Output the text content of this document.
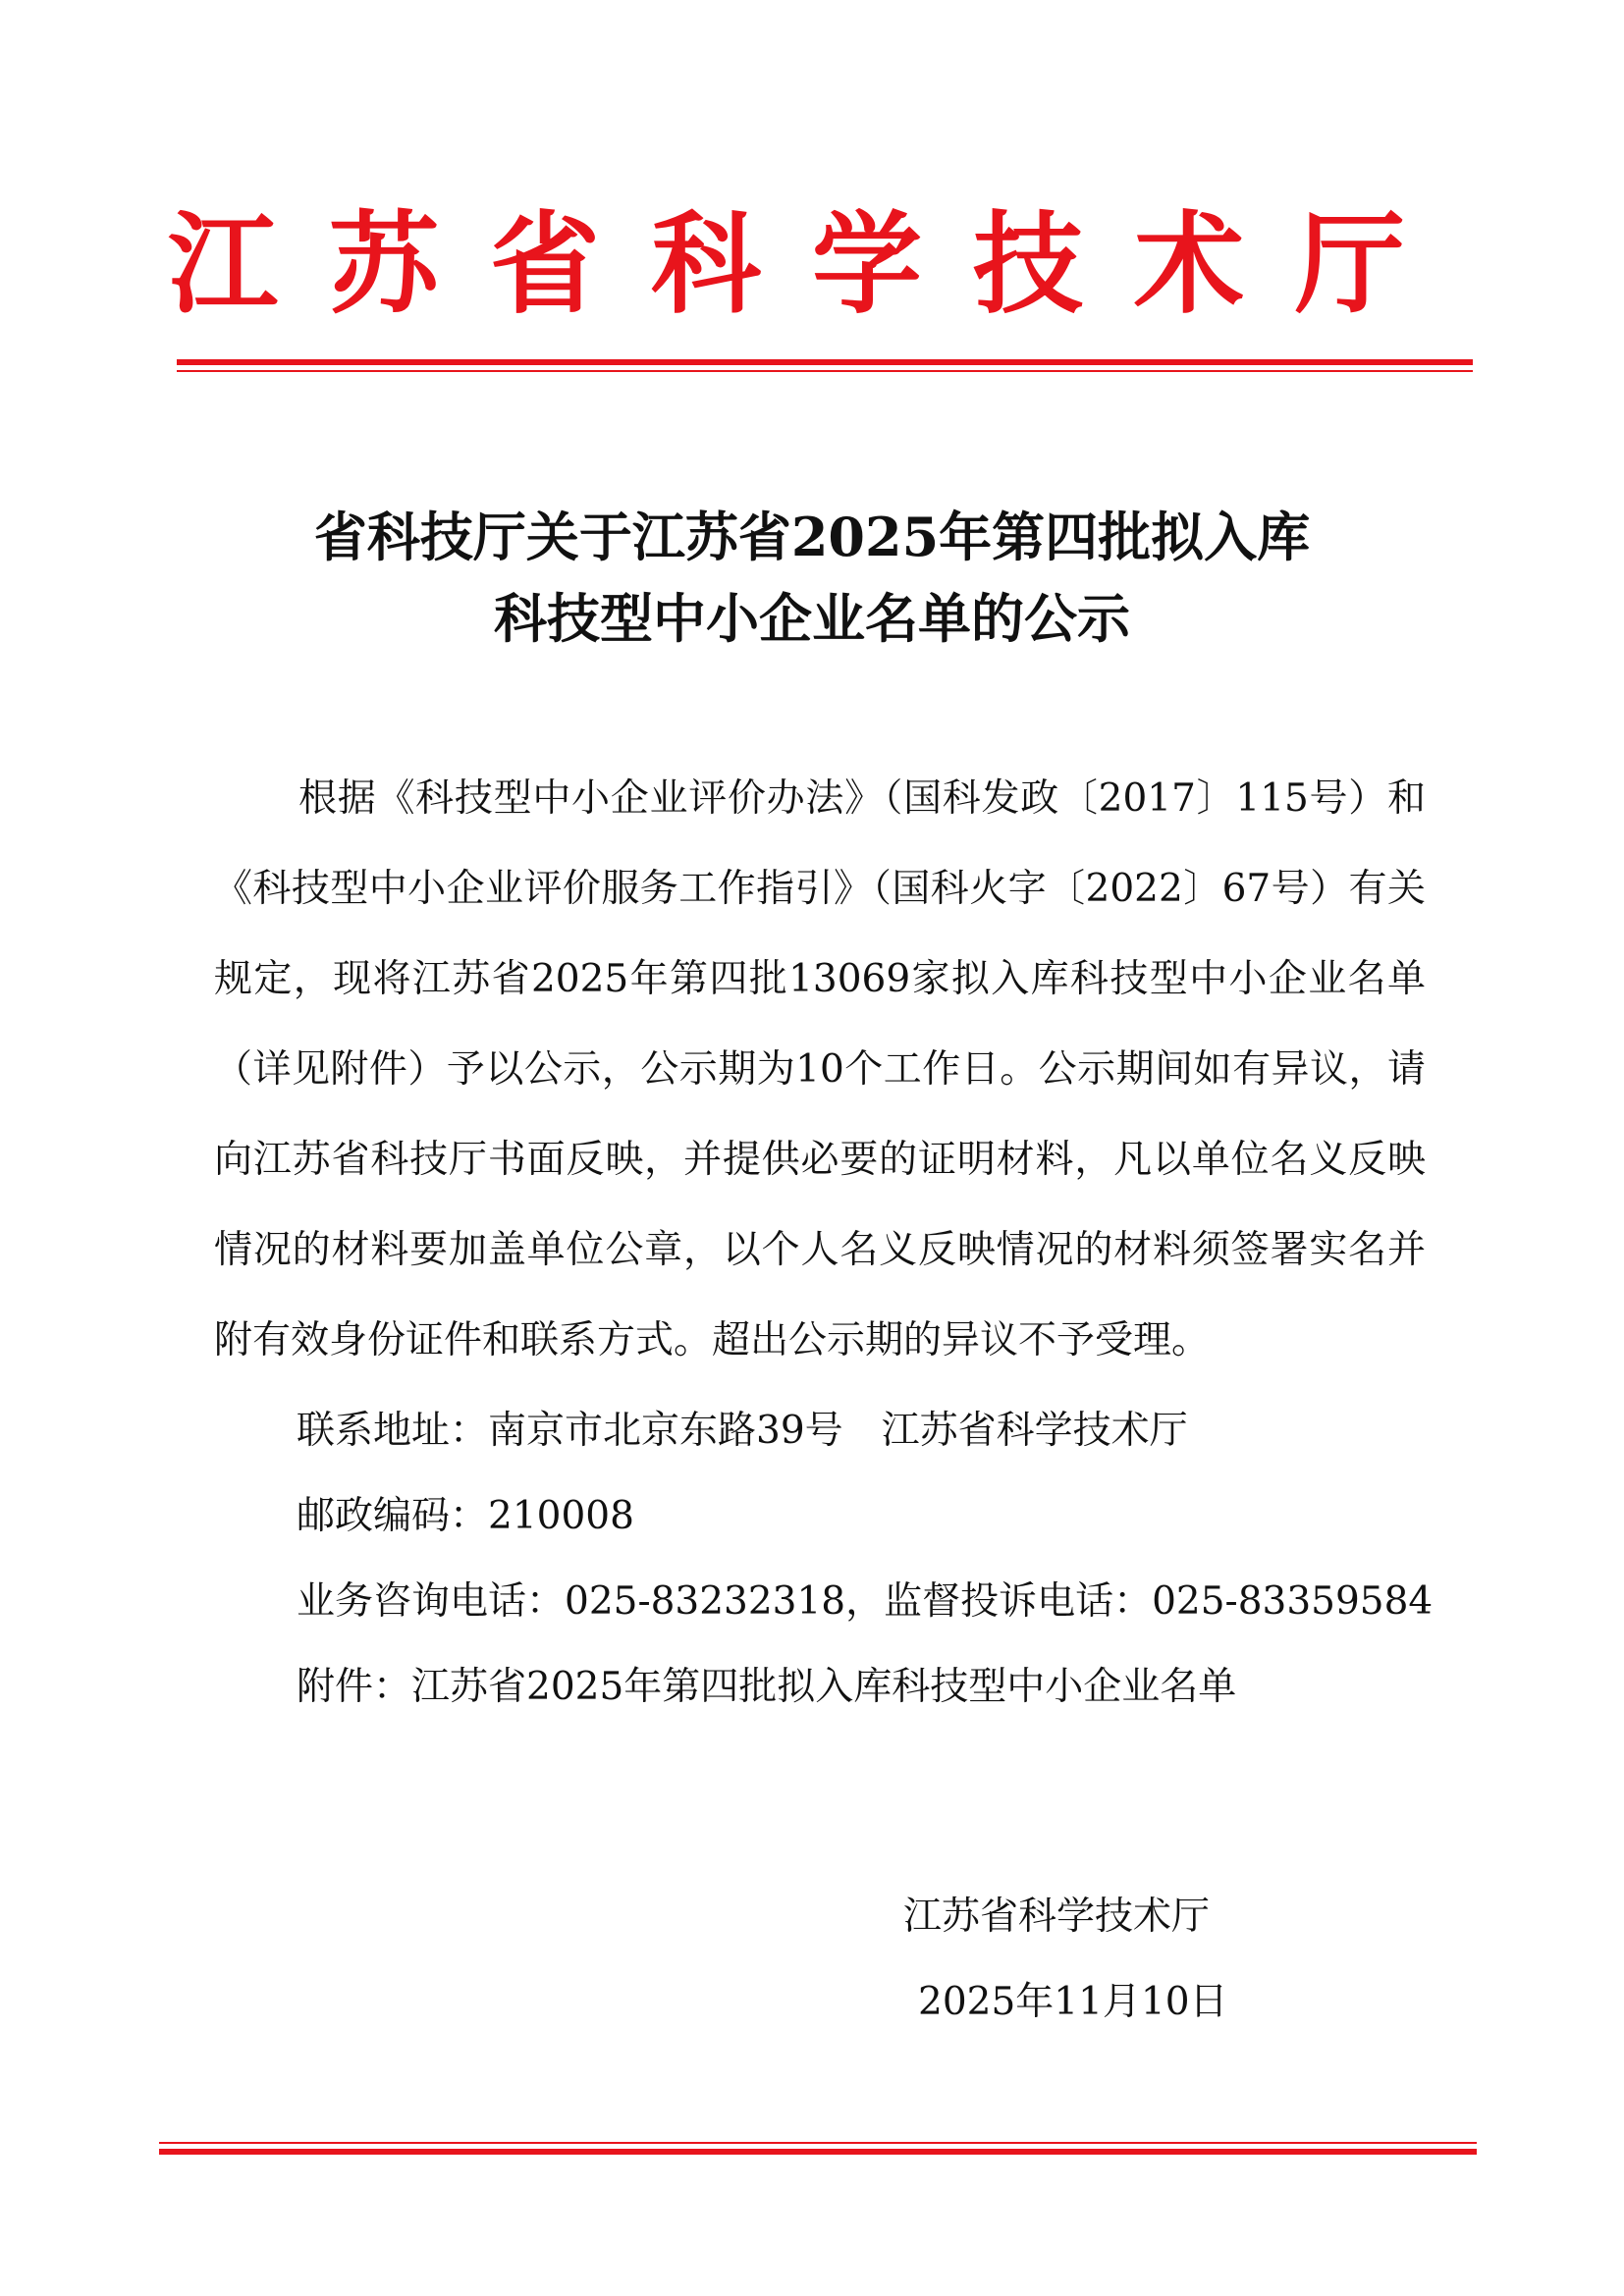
江苏省科学技术厅
省科技厅关于江苏省2025年第四批拟入库
科技型中小企业名单的公示
根据《科技型中小企业评价办法》（国科发政〔2017〕115号）和《科技型中小企业评价服务工作指引》（国科火字〔2022〕67号）有关规定，现将江苏省2025年第四批13069家拟入库科技型中小企业名单（详见附件）予以公示，公示期为10个工作日。公示期间如有异议，请向江苏省科技厅书面反映，并提供必要的证明材料，凡以单位名义反映情况的材料要加盖单位公章，以个人名义反映情况的材料须签署实名并附有效身份证件和联系方式。超出公示期的异议不予受理。
联系地址：南京市北京东路39号　江苏省科学技术厅
邮政编码：210008
业务咨询电话：025-83232318，监督投诉电话：025-83359584
附件：江苏省2025年第四批拟入库科技型中小企业名单
江苏省科学技术厅
2025年11月10日
